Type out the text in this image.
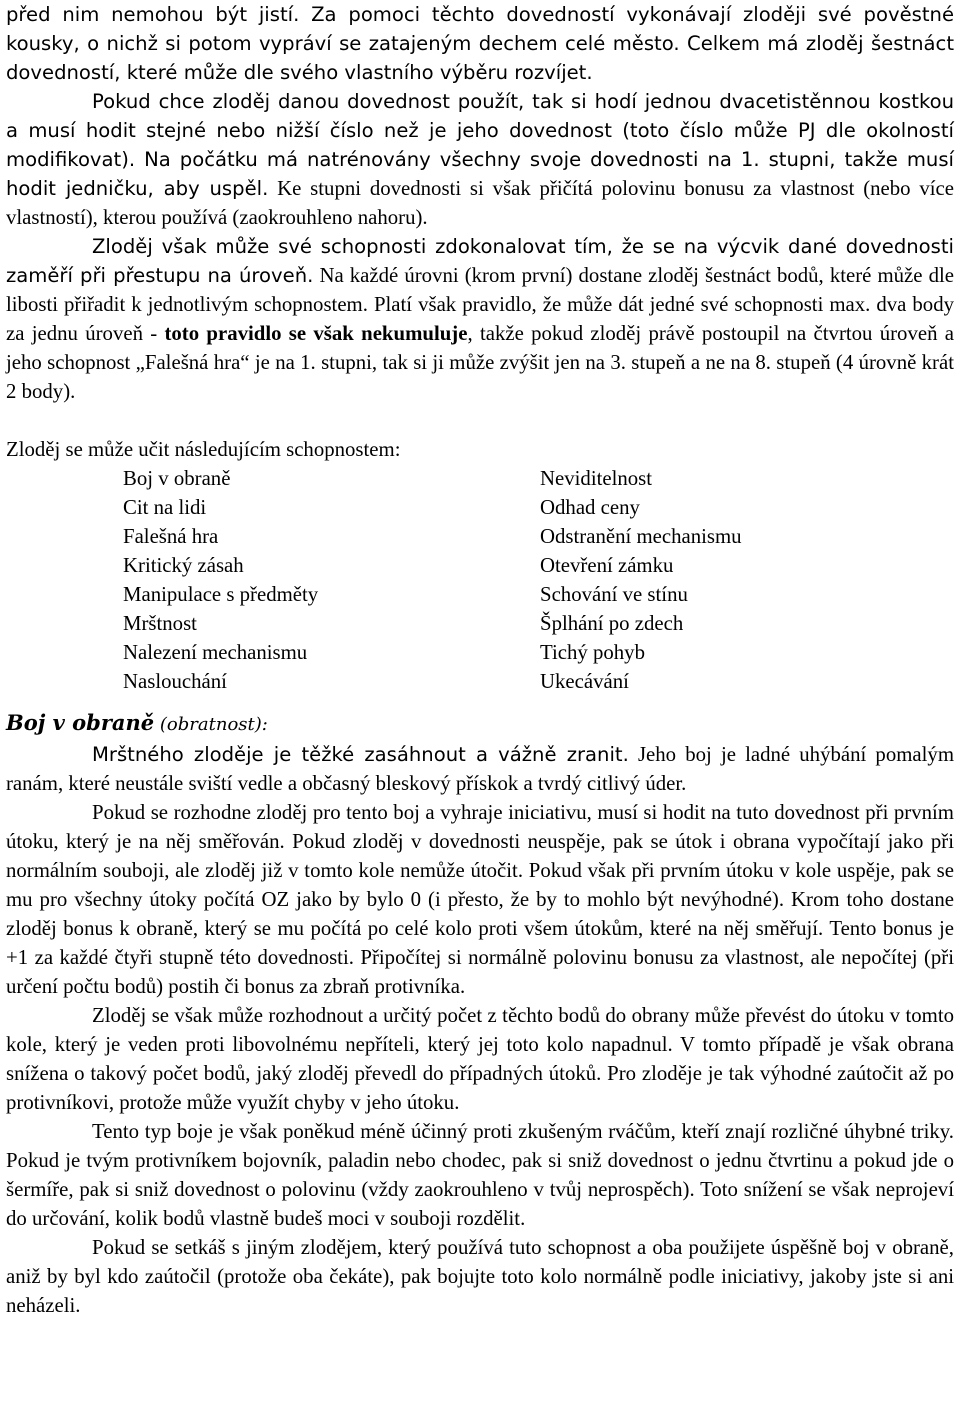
před nim nemohou být jistí. Za pomoci těchto dovedností vykonávají zloději své pověstné kousky, o nichž si potom vypráví se zatajeným dechem celé město. Celkem má zloděj šestnáct dovedností, které může dle svého vlastního výběru rozvíjet.

Pokud chce zloděj danou dovednost použít, tak si hodí jednou dvacetistěnnou kostkou a musí hodit stejné nebo nižší číslo než je jeho dovednost (toto číslo může PJ dle okolností modifikovat). Na počátku má natrénovány všechny svoje dovednosti na 1. stupni, takže musí hodit jedničku, aby uspěl. Ke stupni dovednosti si však přičítá polovinu bonusu za vlastnost (nebo více vlastností), kterou používá (zaokrouhleno nahoru).

Zloděj však může své schopnosti zdokonalovat tím, že se na výcvik dané dovednosti zaměří při přestupu na úroveň. Na každé úrovni (krom první) dostane zloděj šestnáct bodů, které může dle libosti přiřadit k jednotlivým schopnostem. Platí však pravidlo, že může dát jedné své schopnosti max. dva body za jednu úroveň - toto pravidlo se však nekumuluje, takže pokud zloděj právě postoupil na čtvrtou úroveň a jeho schopnost „Falešná hra“ je na 1. stupni, tak si ji může zvýšit jen na 3. stupeň a ne na 8. stupeň (4 úrovně krát 2 body).

Zloděj se může učit následujícím schopnostem:

Boj v obraně
Cit na lidi
Falešná hra
Kritický zásah
Manipulace s předměty
Mrštnost
Nalezení mechanismu
Naslouchání
Neviditelnost
Odhad ceny
Odstranění mechanismu
Otevření zámku
Schování ve stínu
Šplhání po zdech
Tichý pohyb
Ukecávání
Boj v obraně (obratnost):

Mrštného zloděje je těžké zasáhnout a vážně zranit. Jeho boj je ladné uhýbání pomalým ranám, které neustále sviští vedle a občasný bleskový přískok a tvrdý citlivý úder.

Pokud se rozhodne zloděj pro tento boj a vyhraje iniciativu, musí si hodit na tuto dovednost při prvním útoku, který je na něj směřován. Pokud zloděj v dovednosti neuspěje, pak se útok i obrana vypočítají jako při normálním souboji, ale zloděj již v tomto kole nemůže útočit. Pokud však při prvním útoku v kole uspěje, pak se mu pro všechny útoky počítá OZ jako by bylo 0 (i přesto, že by to mohlo být nevýhodné). Krom toho dostane zloděj bonus k obraně, který se mu počítá po celé kolo proti všem útokům, které na něj směřují. Tento bonus je +1 za každé čtyři stupně této dovednosti. Připočítej si normálně polovinu bonusu za vlastnost, ale nepočítej (při určení počtu bodů) postih či bonus za zbraň protivníka.

Zloděj se však může rozhodnout a určitý počet z těchto bodů do obrany může převést do útoku v tomto kole, který je veden proti libovolnému nepříteli, který jej toto kolo napadnul. V tomto případě je však obrana snížena o takový počet bodů, jaký zloděj převedl do případných útoků. Pro zloděje je tak výhodné zaútočit až po protivníkovi, protože může využít chyby v jeho útoku.

Tento typ boje je však poněkud méně účinný proti zkušeným rváčům, kteří znají rozličné úhybné triky. Pokud je tvým protivníkem bojovník, paladin nebo chodec, pak si sniž dovednost o jednu čtvrtinu a pokud jde o šermíře, pak si sniž dovednost o polovinu (vždy zaokrouhleno v tvůj neprospěch). Toto snížení se však neprojeví do určování, kolik bodů vlastně budeš moci v souboji rozdělit.

Pokud se setkáš s jiným zlodějem, který používá tuto schopnost a oba použijete úspěšně boj v obraně, aniž by byl kdo zaútočil (protože oba čekáte), pak bojujte toto kolo normálně podle iniciativy, jakoby jste si ani neházeli.
